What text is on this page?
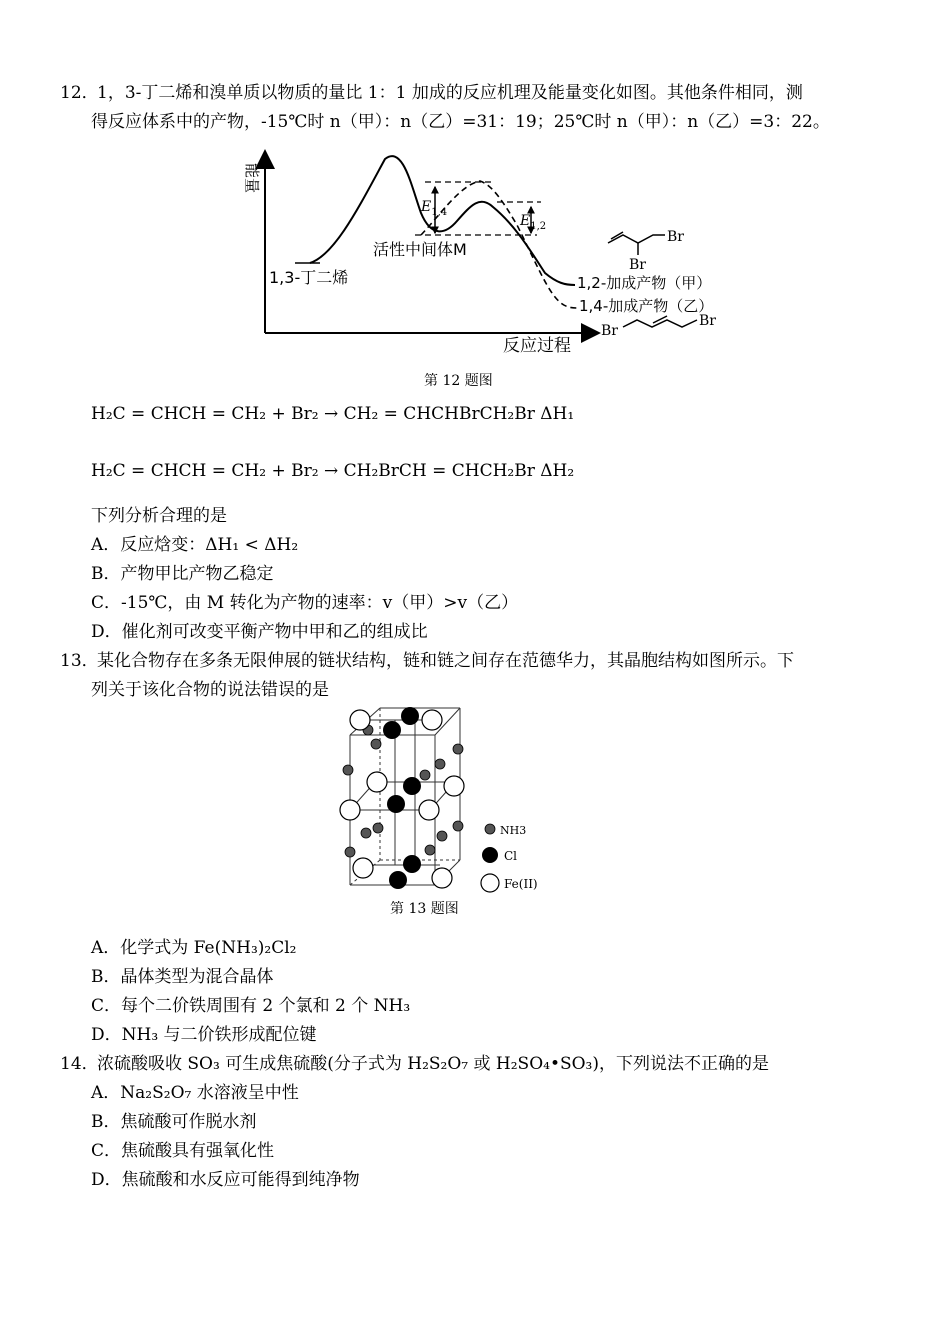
12．
1，3-丁二烯和溴单质以物质的量比 1：1 加成的反应机理及能量变化如图。其他条件相同，测
得反应体系中的产物，-15℃时 n（甲）：n（乙）=31：19；25℃时 n（甲）：n（乙）=3：22。
能量
反应过程
1,3-丁二烯
$E_{1,4}$
$E_{1,2}$
活性中间体M
1,2-加成产物（甲）
1,4-加成产物（乙）
Br
Br
Br
Br
第 12 题图
H₂C = CHCH = CH₂ + Br₂ → CH₂ = CHCHBrCH₂Br ΔH₁
H₂C = CHCH = CH₂ + Br₂ → CH₂BrCH = CHCH₂Br ΔH₂
下列分析合理的是
A．反应焓变：ΔH₁ < ΔH₂
B．产物甲比产物乙稳定
C．-15℃，由 M 转化为产物的速率：v（甲）>v（乙）
D．催化剂可改变平衡产物中甲和乙的组成比
13．
某化合物存在多条无限伸展的链状结构，链和链之间存在范德华力，其晶胞结构如图所示。下
列关于该化合物的说法错误的是
NH3
Cl
Fe(II)
第 13 题图
A．化学式为 Fe(NH₃)₂Cl₂
B．晶体类型为混合晶体
C．每个二价铁周围有 2 个氯和 2 个 NH₃
D．NH₃ 与二价铁形成配位键
14．
浓硫酸吸收 SO₃ 可生成焦硫酸(分子式为 H₂S₂O₇ 或 H₂SO₄•SO₃)，下列说法不正确的是
A．Na₂S₂O₇ 水溶液呈中性
B．焦硫酸可作脱水剂
C．焦硫酸具有强氧化性
D．焦硫酸和水反应可能得到纯净物
